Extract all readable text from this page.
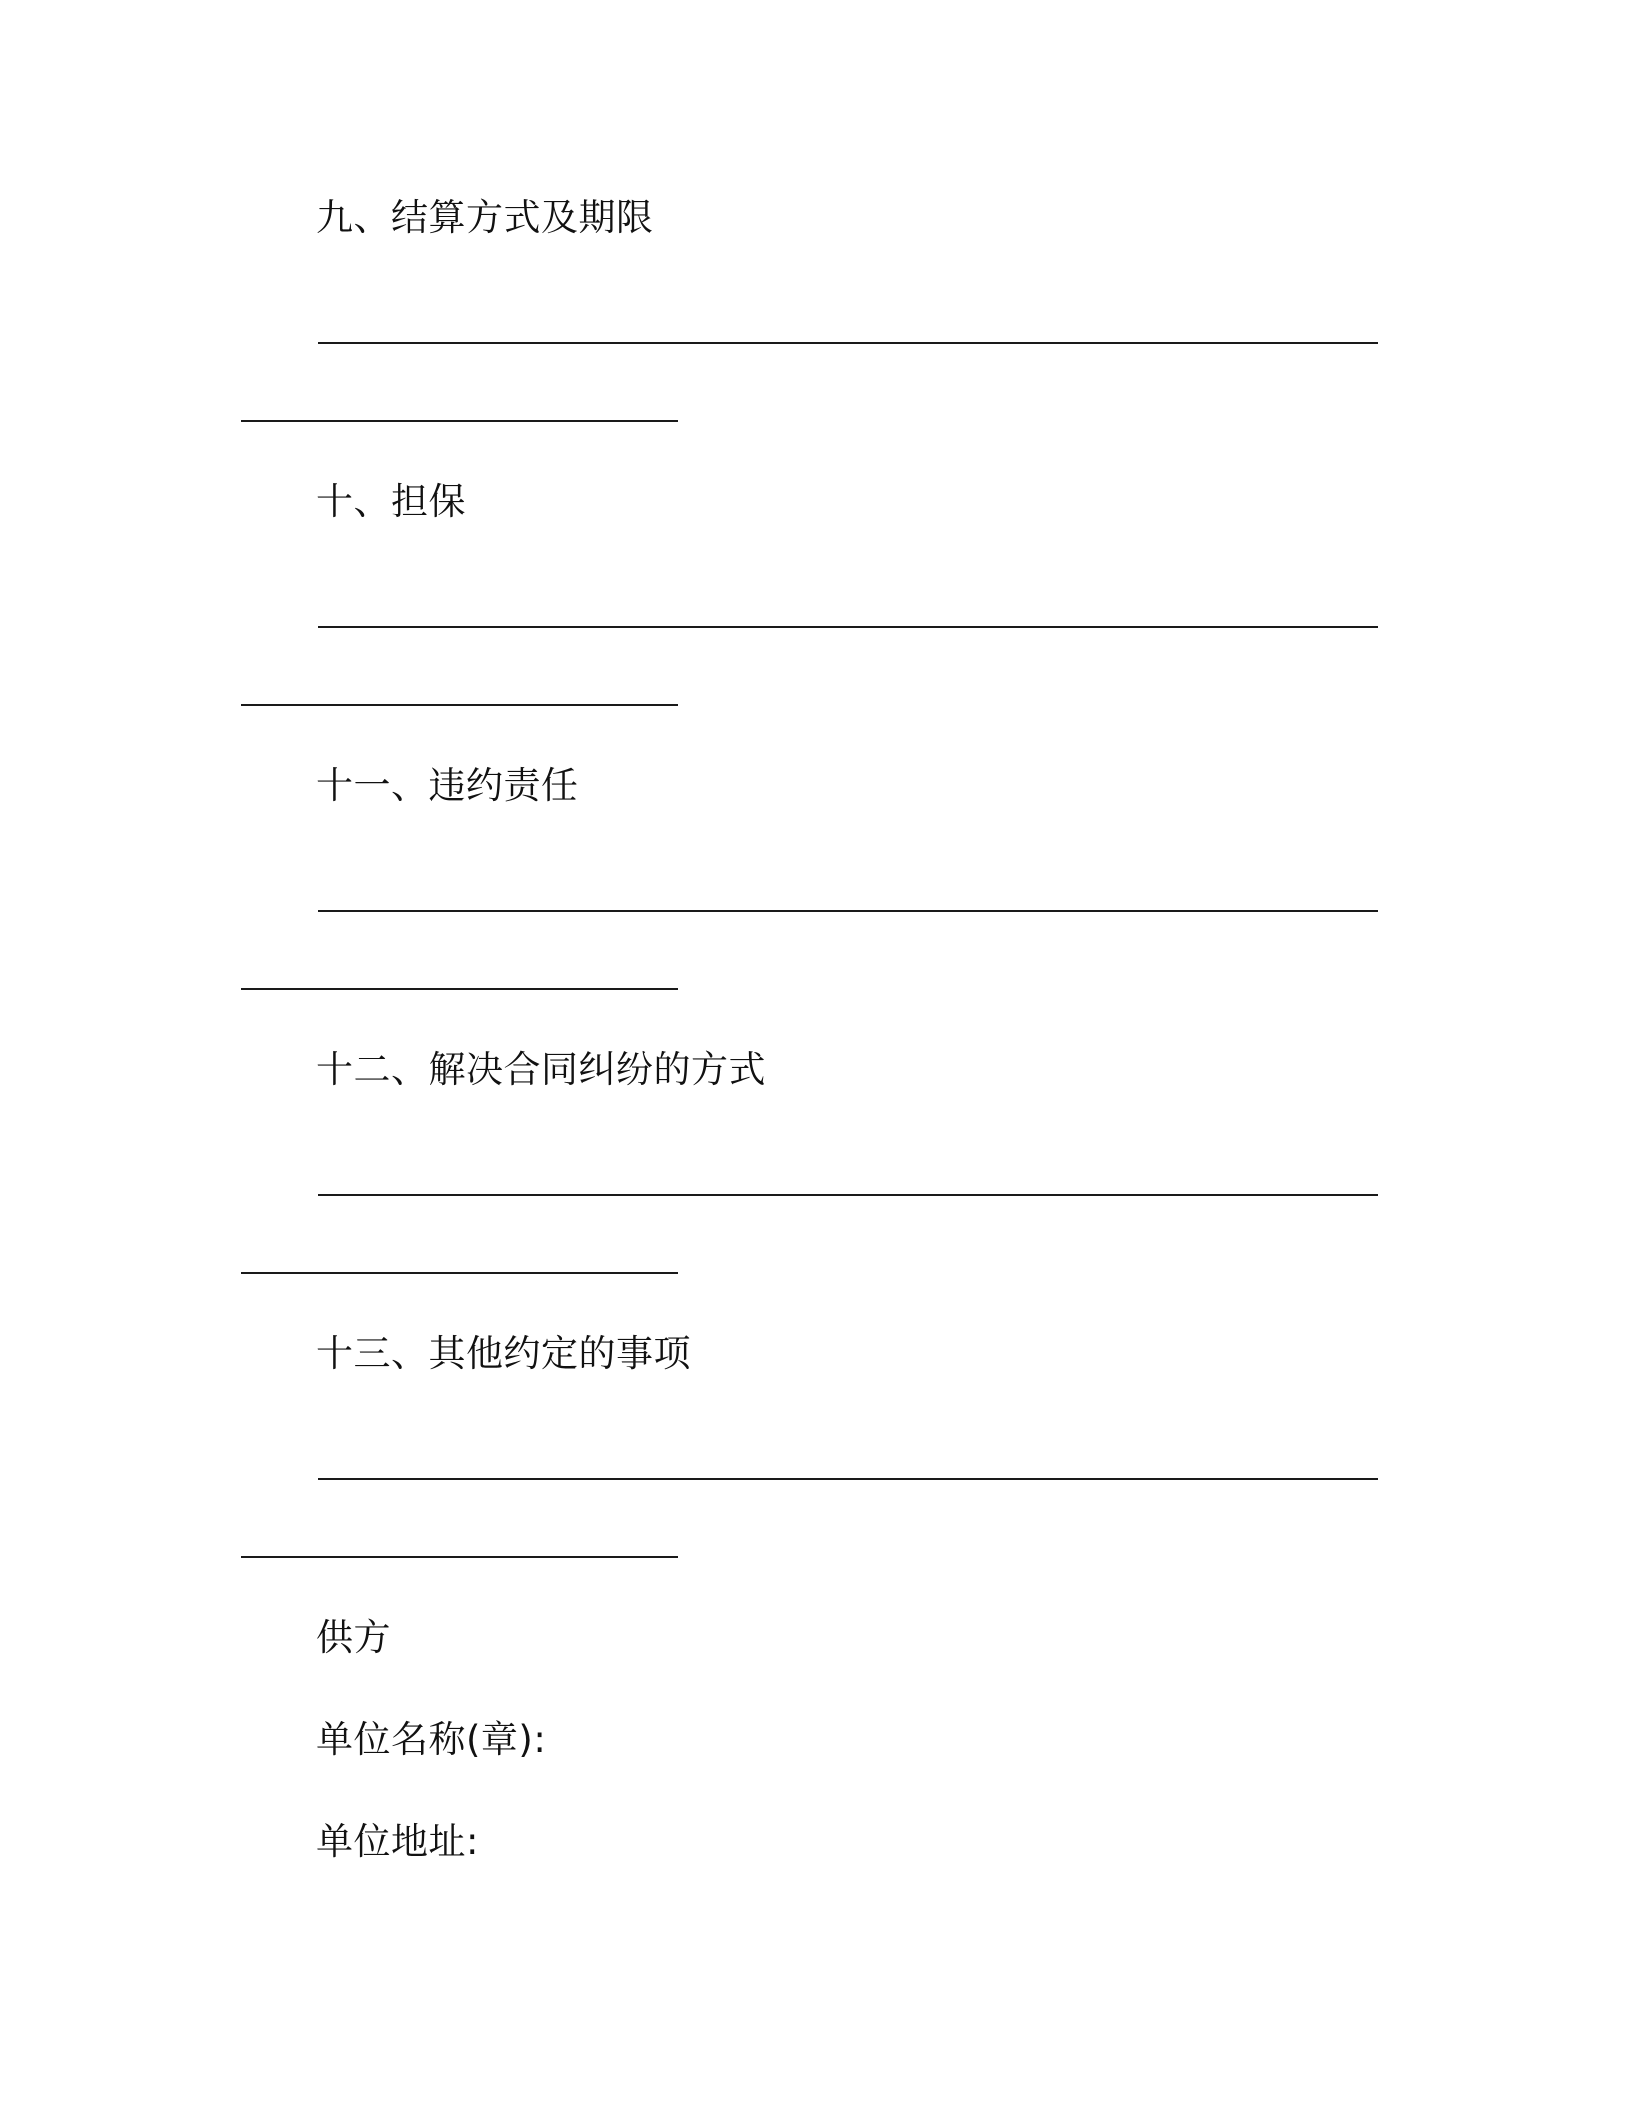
九、结算方式及期限
十、担保
十一、违约责任
十二、解决合同纠纷的方式
十三、其他约定的事项
供方
单位名称(章):
单位地址:
